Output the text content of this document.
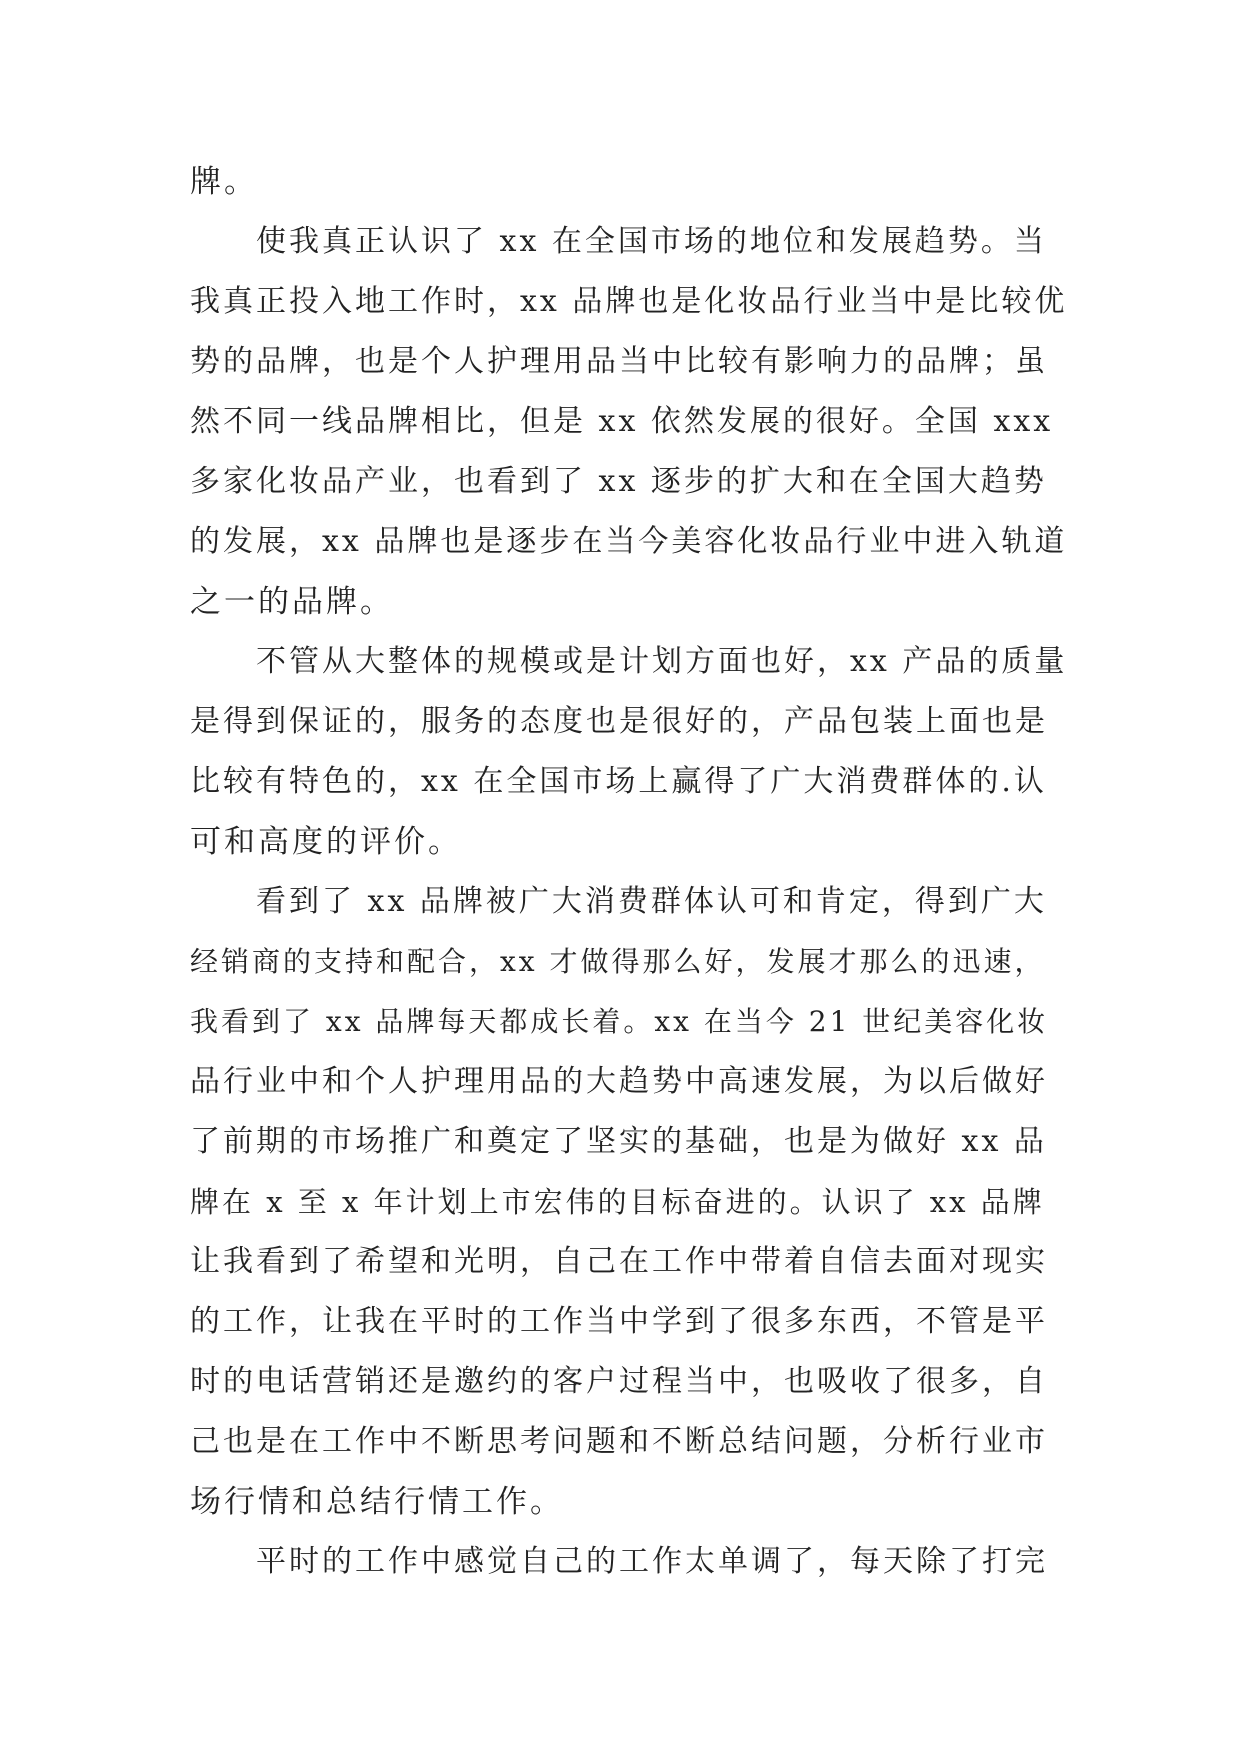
牌。
使我真正认识了 xx 在全国市场的地位和发展趋势。当
我真正投入地工作时，xx 品牌也是化妆品行业当中是比较优
势的品牌，也是个人护理用品当中比较有影响力的品牌；虽
然不同一线品牌相比，但是 xx 依然发展的很好。全国 xxx
多家化妆品产业，也看到了 xx 逐步的扩大和在全国大趋势
的发展，xx 品牌也是逐步在当今美容化妆品行业中进入轨道
之一的品牌。
不管从大整体的规模或是计划方面也好，xx 产品的质量
是得到保证的，服务的态度也是很好的，产品包装上面也是
比较有特色的，xx 在全国市场上赢得了广大消费群体的.认
可和高度的评价。
看到了 xx 品牌被广大消费群体认可和肯定，得到广大
经销商的支持和配合，xx 才做得那么好，发展才那么的迅速，
我看到了 xx 品牌每天都成长着。xx 在当今 21 世纪美容化妆
品行业中和个人护理用品的大趋势中高速发展，为以后做好
了前期的市场推广和奠定了坚实的基础，也是为做好 xx 品
牌在 x 至 x 年计划上市宏伟的目标奋进的。认识了 xx 品牌
让我看到了希望和光明，自己在工作中带着自信去面对现实
的工作，让我在平时的工作当中学到了很多东西，不管是平
时的电话营销还是邀约的客户过程当中，也吸收了很多，自
己也是在工作中不断思考问题和不断总结问题，分析行业市
场行情和总结行情工作。
平时的工作中感觉自己的工作太单调了，每天除了打完
